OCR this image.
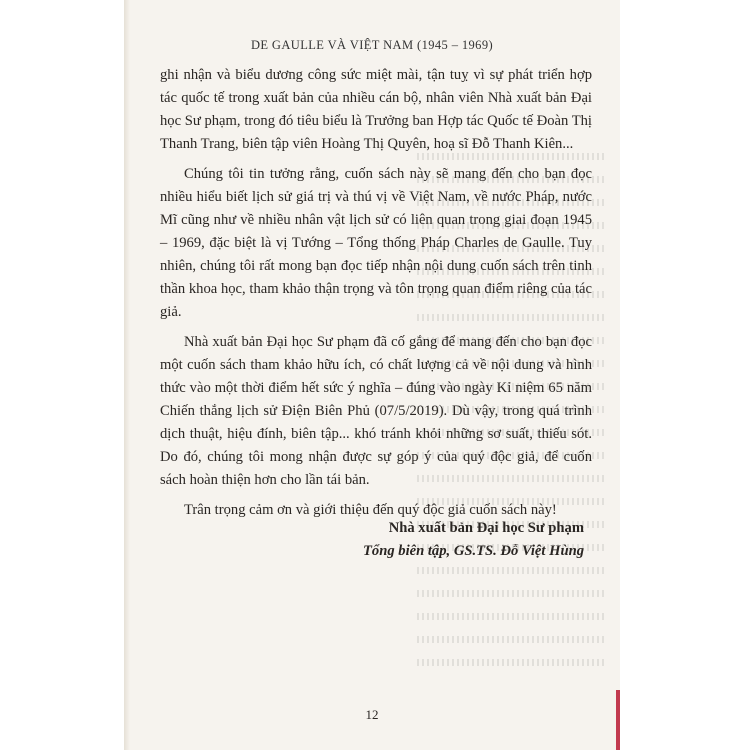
DE GAULLE VÀ VIỆT NAM (1945 – 1969)

ghi nhận và biểu dương công sức miệt mài, tận tuỵ vì sự phát triển hợp tác quốc tế trong xuất bản của nhiều cán bộ, nhân viên Nhà xuất bản Đại học Sư phạm, trong đó tiêu biểu là Trưởng ban Hợp tác Quốc tế Đoàn Thị Thanh Trang, biên tập viên Hoàng Thị Quyên, hoạ sĩ Đỗ Thanh Kiên...

Chúng tôi tin tưởng rằng, cuốn sách này sẽ mang đến cho bạn đọc nhiều hiểu biết lịch sử giá trị và thú vị về Việt Nam, về nước Pháp, nước Mĩ cũng như về nhiều nhân vật lịch sử có liên quan trong giai đoạn 1945 – 1969, đặc biệt là vị Tướng – Tổng thống Pháp Charles de Gaulle. Tuy nhiên, chúng tôi rất mong bạn đọc tiếp nhận nội dung cuốn sách trên tinh thần khoa học, tham khảo thận trọng và tôn trọng quan điểm riêng của tác giả.

Nhà xuất bản Đại học Sư phạm đã cố gắng để mang đến cho bạn đọc một cuốn sách tham khảo hữu ích, có chất lượng cả về nội dung và hình thức vào một thời điểm hết sức ý nghĩa – đúng vào ngày Kỉ niệm 65 năm Chiến thắng lịch sử Điện Biên Phủ (07/5/2019). Dù vậy, trong quá trình dịch thuật, hiệu đính, biên tập... khó tránh khỏi những sơ suất, thiếu sót. Do đó, chúng tôi mong nhận được sự góp ý của quý độc giả, để cuốn sách hoàn thiện hơn cho lần tái bản.

Trân trọng cảm ơn và giới thiệu đến quý độc giả cuốn sách này!

Nhà xuất bản Đại học Sư phạm
Tổng biên tập, GS.TS. Đỗ Việt Hùng
12
